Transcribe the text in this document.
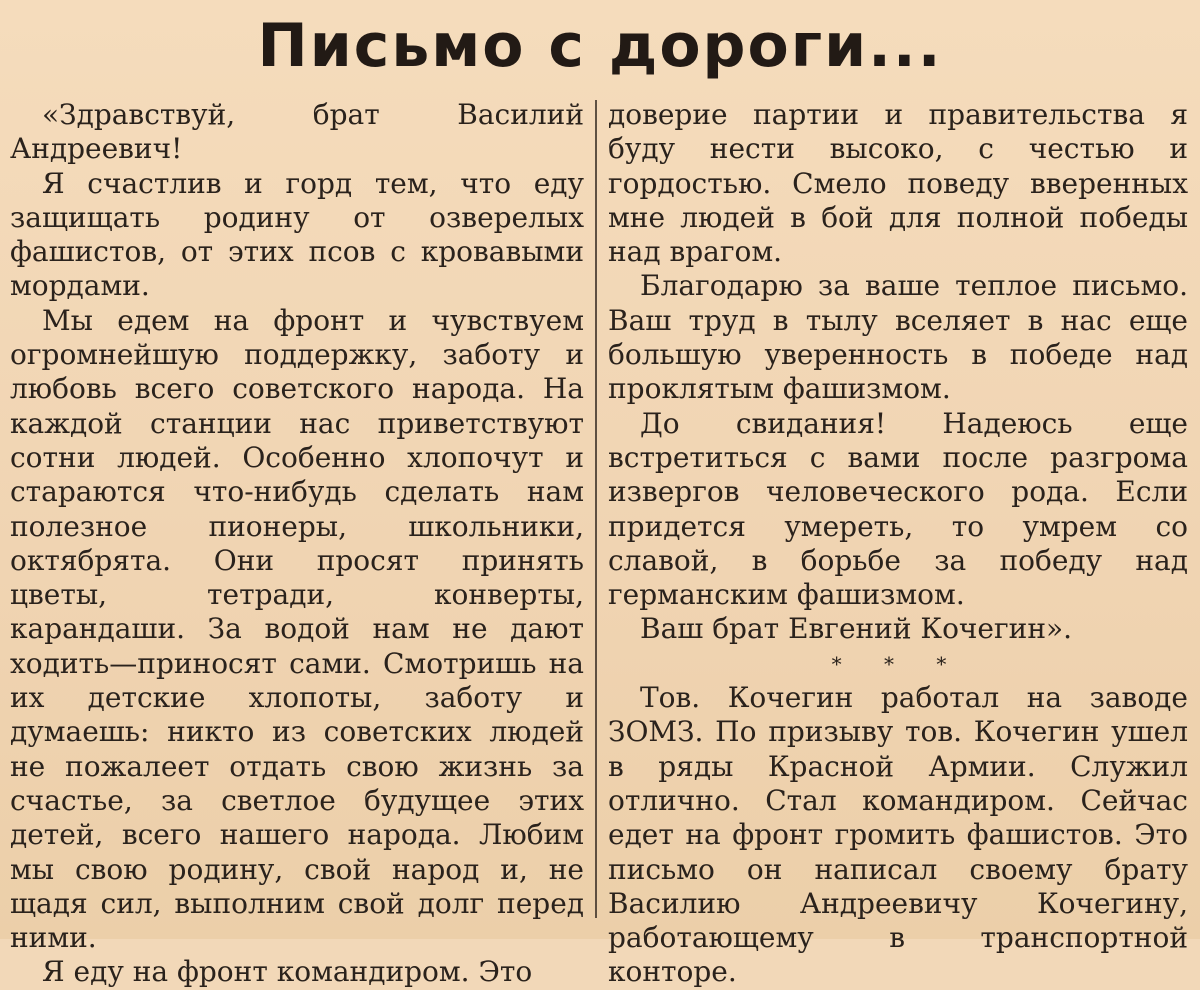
Письмо с дороги...

«Здравствуй, брат Василий Андреевич!

Я счастлив и горд тем, что еду защищать родину от озверелых фашистов, от этих псов с кровавыми мордами.

Мы едем на фронт и чувствуем огромнейшую поддержку, заботу и любовь всего советского народа. На каждой станции нас приветствуют сотни людей. Особенно хлопочут и стараются что-нибудь сделать нам полезное пионеры, школьники, октябрята. Они просят принять цветы, тетради, конверты, карандаши. За водой нам не дают ходить—приносят сами. Смотришь на их детские хлопоты, заботу и думаешь: никто из советских людей не пожалеет отдать свою жизнь за счастье, за светлое будущее этих детей, всего нашего народа. Любим мы свою родину, свой народ и, не щадя сил, выполним свой долг перед ними.

Я еду на фронт командиром. Это

доверие партии и правительства я буду нести высоко, с честью и гордостью. Смело поведу вверенных мне людей в бой для полной победы над врагом.

Благодарю за ваше теплое письмо. Ваш труд в тылу вселяет в нас еще большую уверенность в победе над проклятым фашизмом.

До свидания! Надеюсь еще встретиться с вами после разгрома извергов человеческого рода. Если придется умереть, то умрем со славой, в борьбе за победу над германским фашизмом.

Ваш брат Евгений Кочегин».

* * *

Тов. Кочегин работал на заводе ЗОМЗ. По призыву тов. Кочегин ушел в ряды Красной Армии. Служил отлично. Стал командиром. Сейчас едет на фронт громить фашистов. Это письмо он написал своему брату Василию Андреевичу Кочегину, работающему в транспортной конторе.
